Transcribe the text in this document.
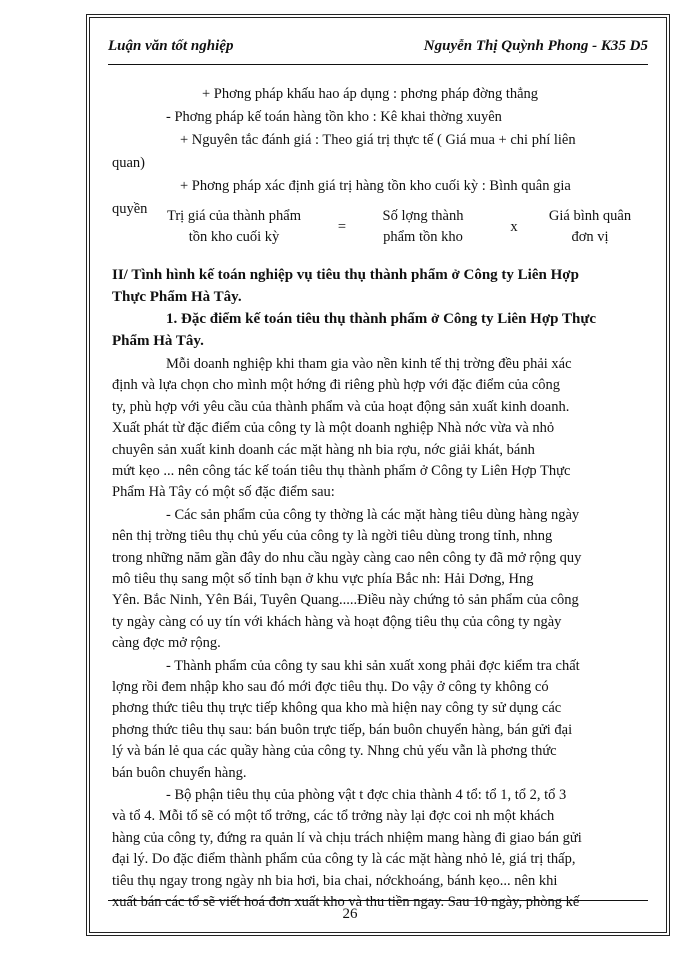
Luận văn tốt nghiệp	Nguyễn Thị Quỳnh Phong - K35 D5
+ Phơng pháp khấu hao áp dụng : phơng pháp đờng thẳng
- Phơng pháp kế toán hàng tồn kho : Kê khai thờng xuyên
+ Nguyên tắc đánh giá : Theo giá trị thực tế ( Giá mua + chi phí liên
quan)
+ Phơng pháp xác định giá trị hàng tồn kho cuối kỳ : Bình quân gia
quyền	Trị giá của thành phẩm
tồn kho cuối kỳ
=
Số lợng thành
phẩm tồn kho
x
Giá bình quân
đơn vị
II/ Tình hình kế toán nghiệp vụ tiêu thụ thành phẩm ở Công ty Liên Hợp
Thực Phẩm Hà Tây.
1. Đặc điểm kế toán tiêu thụ thành phẩm ở Công ty Liên Hợp Thực
Phẩm Hà Tây.
Mỗi doanh nghiệp khi tham gia vào nền kinh tế thị trờng đều phải xác
định và lựa chọn cho mình một hớng đi riêng phù hợp với đặc điểm của công
ty, phù hợp với yêu cầu của thành phẩm và của hoạt động sản xuất kinh doanh.
Xuất phát từ đặc điểm của công ty là một doanh nghiệp Nhà nớc vừa và nhỏ
chuyên sản xuất kinh doanh các mặt hàng nh bia rợu, nớc giải khát, bánh
mứt kẹo ... nên công tác kế toán tiêu thụ thành phẩm ở Công ty Liên Hợp Thực
Phẩm Hà Tây có một số đặc điểm sau:
- Các sản phẩm của công ty thờng là các mặt hàng tiêu dùng hàng ngày
nên thị trờng tiêu thụ chủ yếu của công ty là ngời tiêu dùng trong tỉnh, nhng
trong những năm gần đây do nhu cầu ngày càng cao nên công ty đã mở rộng quy
mô tiêu thụ sang một số tỉnh bạn ở khu vực phía Bắc nh: Hải Dơng, Hng
Yên. Bắc Ninh, Yên Bái, Tuyên Quang.....Điều này chứng tỏ sản phẩm của công
ty ngày càng có uy tín với khách hàng và hoạt động tiêu thụ của công ty ngày
càng đợc mở rộng.
- Thành phẩm của công ty sau khi sản xuất xong phải đợc kiểm tra chất
lợng rồi đem nhập kho sau đó mới đợc tiêu thụ. Do vậy ở công ty không có
phơng thức tiêu thụ trực tiếp không qua kho mà hiện nay công ty sử dụng các
phơng thức tiêu thụ sau: bán buôn trực tiếp, bán buôn chuyển hàng, bán gửi đại
lý và bán lẻ qua các quầy hàng của công ty. Nhng chủ yếu vẫn là phơng thức
bán buôn chuyển hàng.
- Bộ phận tiêu thụ của phòng vật t đợc chia thành 4 tổ: tổ 1, tổ 2, tổ 3
và tổ 4. Mỗi tổ sẽ có một tổ trởng, các tổ trởng này lại đợc coi nh một khách
hàng của công ty, đứng ra quản lí và chịu trách nhiệm mang hàng đi giao bán gửi
đại lý. Do đặc điểm thành phẩm của công ty là các mặt hàng nhỏ lẻ, giá trị thấp,
tiêu thụ ngay trong ngày nh bia hơi, bia chai, nớckhoáng, bánh kẹo... nên khi
xuất bán các tổ sẽ viết hoá đơn xuất kho và thu tiền ngay. Sau 10 ngày, phòng kế
26
